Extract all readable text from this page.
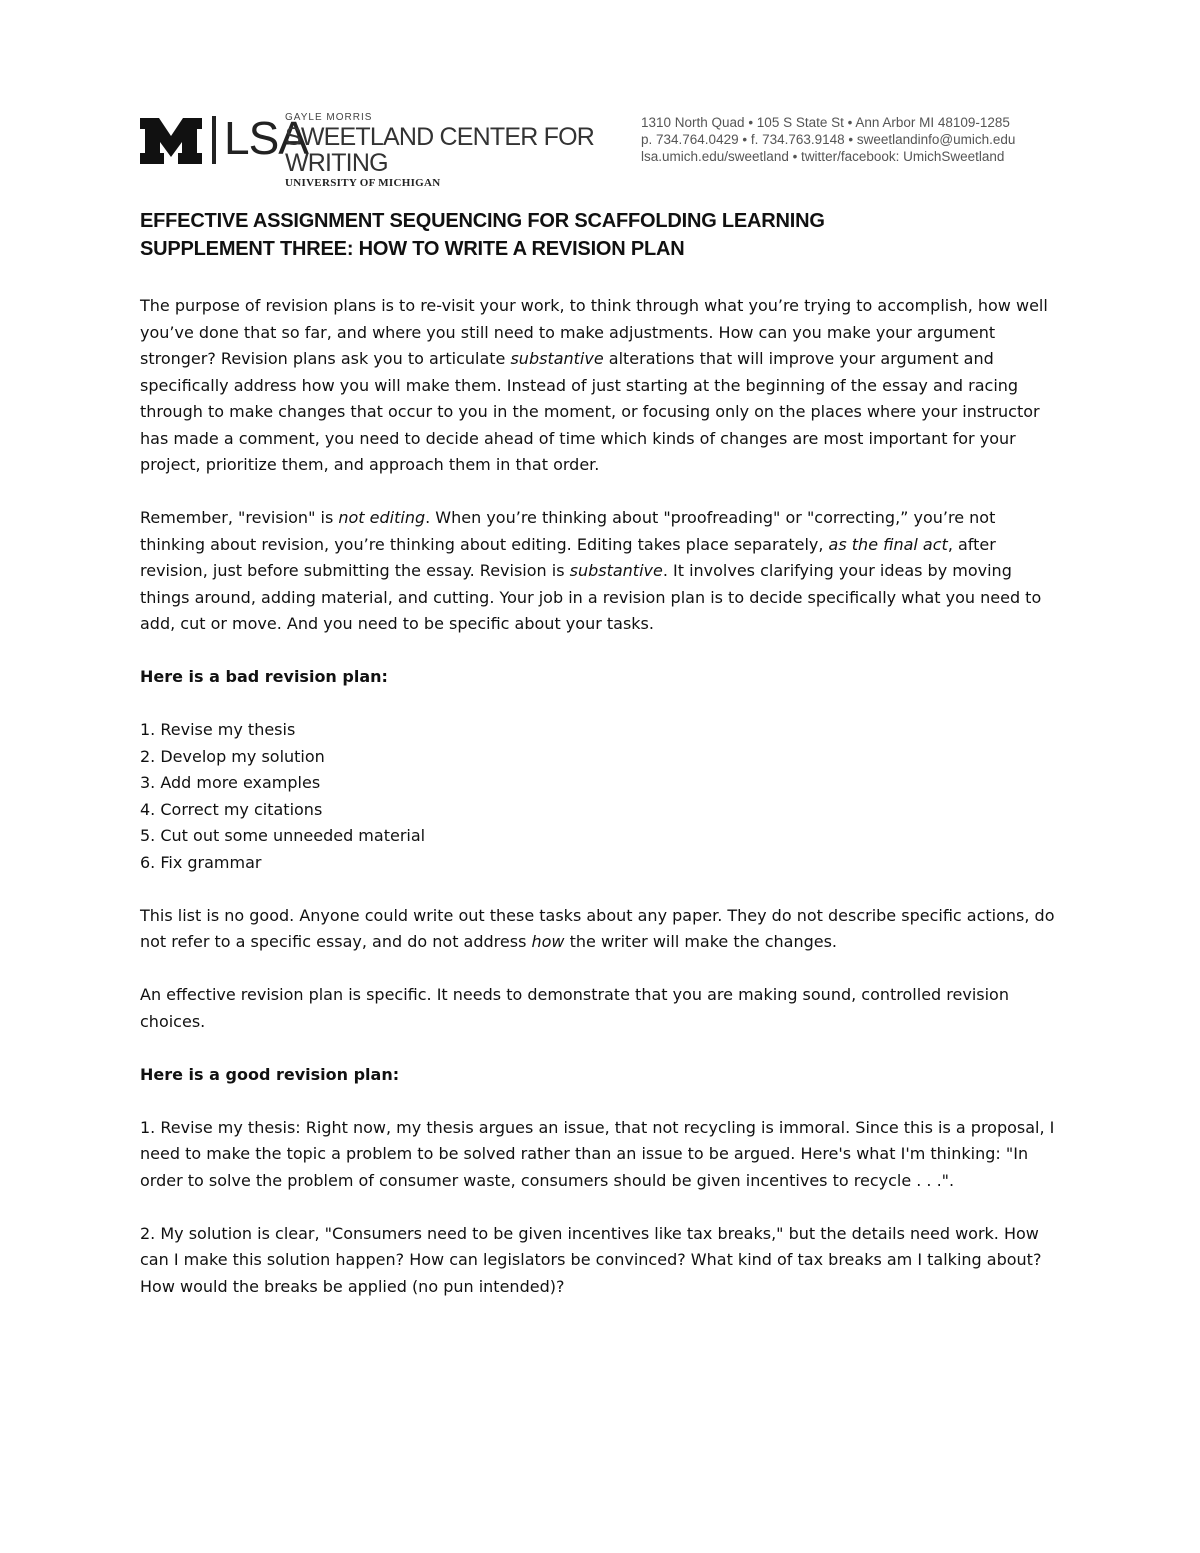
LSA
GAYLE MORRIS
SWEETLAND CENTER FOR WRITING
UNIVERSITY OF MICHIGAN
1310 North Quad • 105 S State St • Ann Arbor MI 48109-1285
p. 734.764.0429 • f. 734.763.9148 • sweetlandinfo@umich.edu
lsa.umich.edu/sweetland • twitter/facebook: UmichSweetland
EFFECTIVE ASSIGNMENT SEQUENCING FOR SCAFFOLDING LEARNING
SUPPLEMENT THREE: HOW TO WRITE A REVISION PLAN

The purpose of revision plans is to re-visit your work, to think through what you’re trying to accomplish, how well you’ve done that so far, and where you still need to make adjustments. How can you make your argument stronger? Revision plans ask you to articulate substantive alterations that will improve your argument and specifically address how you will make them. Instead of just starting at the beginning of the essay and racing through to make changes that occur to you in the moment, or focusing only on the places where your instructor has made a comment, you need to decide ahead of time which kinds of changes are most important for your project, prioritize them, and approach them in that order.

Remember, "revision" is not editing. When you’re thinking about "proofreading" or "correcting,” you’re not thinking about revision, you’re thinking about editing. Editing takes place separately, as the final act, after revision, just before submitting the essay. Revision is substantive. It involves clarifying your ideas by moving things around, adding material, and cutting. Your job in a revision plan is to decide specifically what you need to add, cut or move. And you need to be specific about your tasks.

Here is a bad revision plan:

1. Revise my thesis
2. Develop my solution
3. Add more examples
4. Correct my citations
5. Cut out some unneeded material
6. Fix grammar

This list is no good. Anyone could write out these tasks about any paper. They do not describe specific actions, do not refer to a specific essay, and do not address how the writer will make the changes.

An effective revision plan is specific. It needs to demonstrate that you are making sound, controlled revision choices.

Here is a good revision plan:

1. Revise my thesis: Right now, my thesis argues an issue, that not recycling is immoral. Since this is a proposal, I need to make the topic a problem to be solved rather than an issue to be argued. Here's what I'm thinking: "In order to solve the problem of consumer waste, consumers should be given incentives to recycle . . .".

2. My solution is clear, "Consumers need to be given incentives like tax breaks," but the details need work. How can I make this solution happen? How can legislators be convinced? What kind of tax breaks am I talking about? How would the breaks be applied (no pun intended)?
